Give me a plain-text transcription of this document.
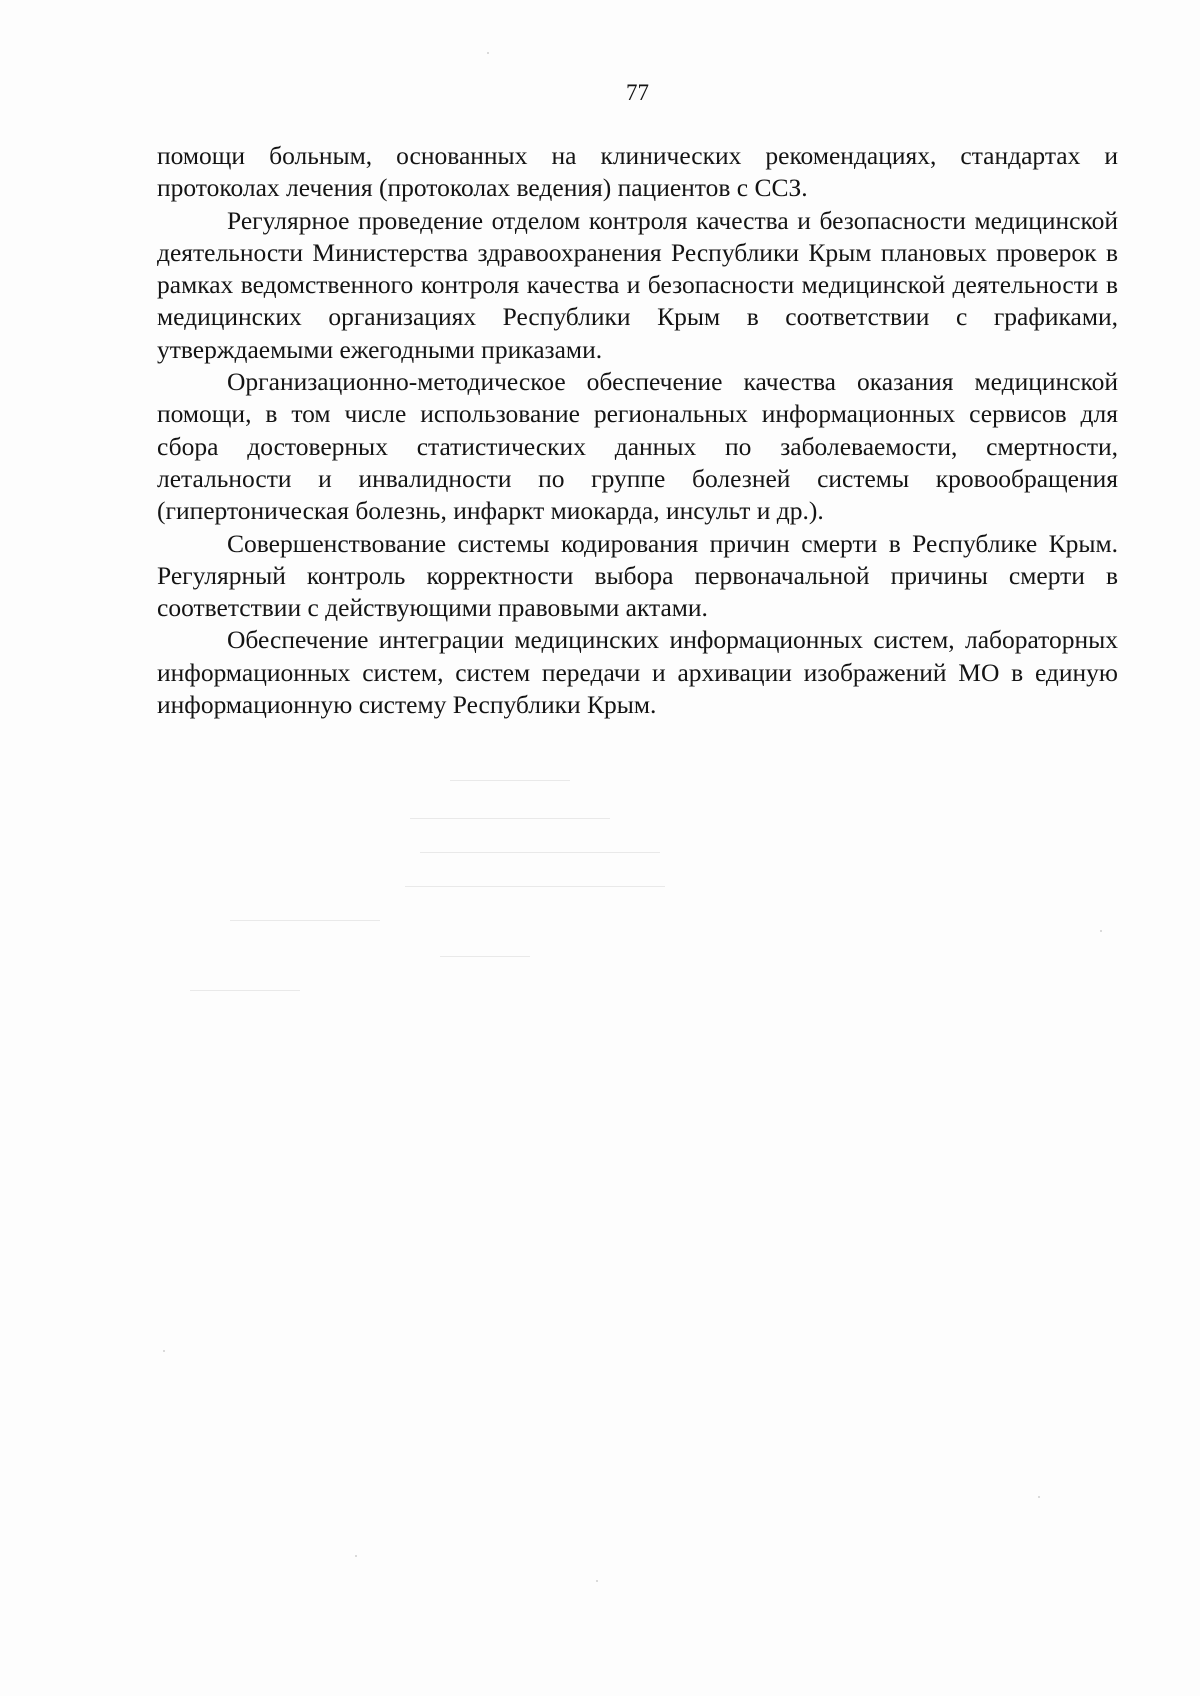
77

помощи больным, основанных на клинических рекомендациях, стандартах и протоколах лечения (протоколах ведения) пациентов с ССЗ.

Регулярное проведение отделом контроля качества и безопасности медицинской деятельности Министерства здравоохранения Республики Крым плановых проверок в рамках ведомственного контроля качества и безопасности медицинской деятельности в медицинских организациях Республики Крым в соответствии с графиками, утверждаемыми ежегодными приказами.

Организационно-методическое обеспечение качества оказания медицинской помощи, в том числе использование региональных информационных сервисов для сбора достоверных статистических данных по заболеваемости, смертности, летальности и инвалидности по группе болезней системы кровообращения (гипертоническая болезнь, инфаркт миокарда, инсульт и др.).

Совершенствование системы кодирования причин смерти в Республике Крым. Регулярный контроль корректности выбора первоначальной причины смерти в соответствии с действующими правовыми актами.

Обеспечение интеграции медицинских информационных систем, лабораторных информационных систем, систем передачи и архивации изображений МО в единую информационную систему Республики Крым.
